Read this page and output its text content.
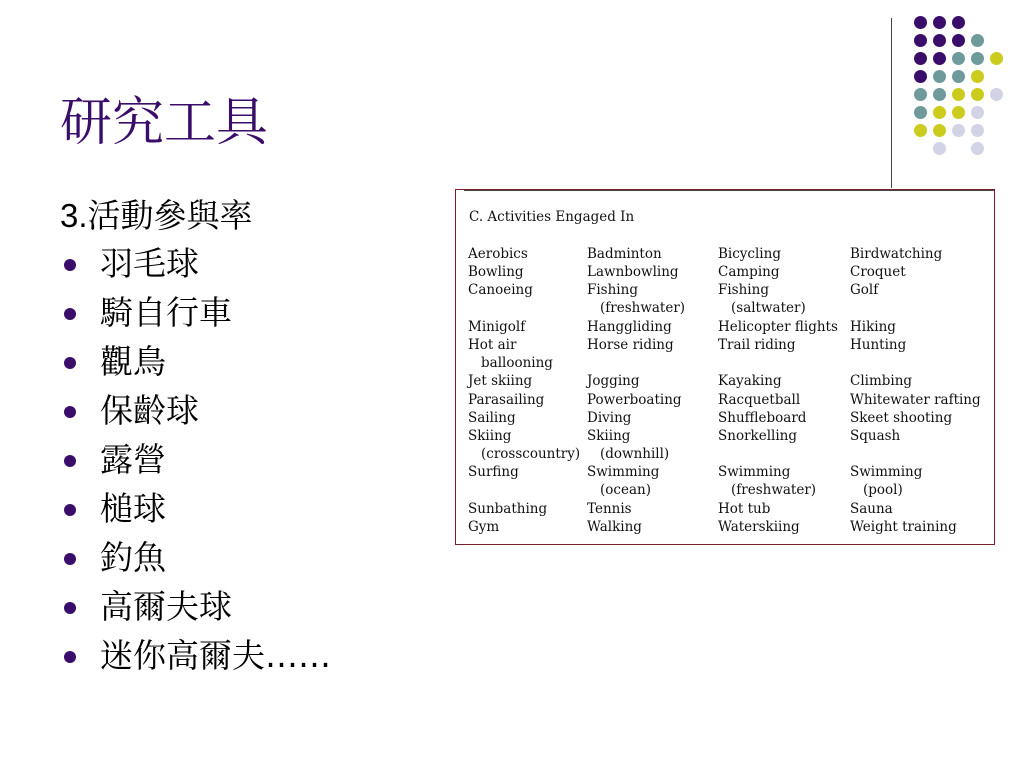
研究工具
3.活動參與率
羽毛球
騎自行車
觀鳥
保齡球
露營
槌球
釣魚
高爾夫球
迷你高爾夫……
C. Activities Engaged In
Aerobics
Bowling
Canoeing
Minigolf
Hot air
ballooning
Jet skiing
Parasailing
Sailing
Skiing
(crosscountry)
Surfing
Sunbathing
Gym
Badminton
Lawnbowling
Fishing
(freshwater)
Hanggliding
Horse riding
Jogging
Powerboating
Diving
Skiing
(downhill)
Swimming
(ocean)
Tennis
Walking
Bicycling
Camping
Fishing
(saltwater)
Helicopter flights
Trail riding
Kayaking
Racquetball
Shuffleboard
Snorkelling
Swimming
(freshwater)
Hot tub
Waterskiing
Birdwatching
Croquet
Golf
Hiking
Hunting
Climbing
Whitewater rafting
Skeet shooting
Squash
Swimming
(pool)
Sauna
Weight training
